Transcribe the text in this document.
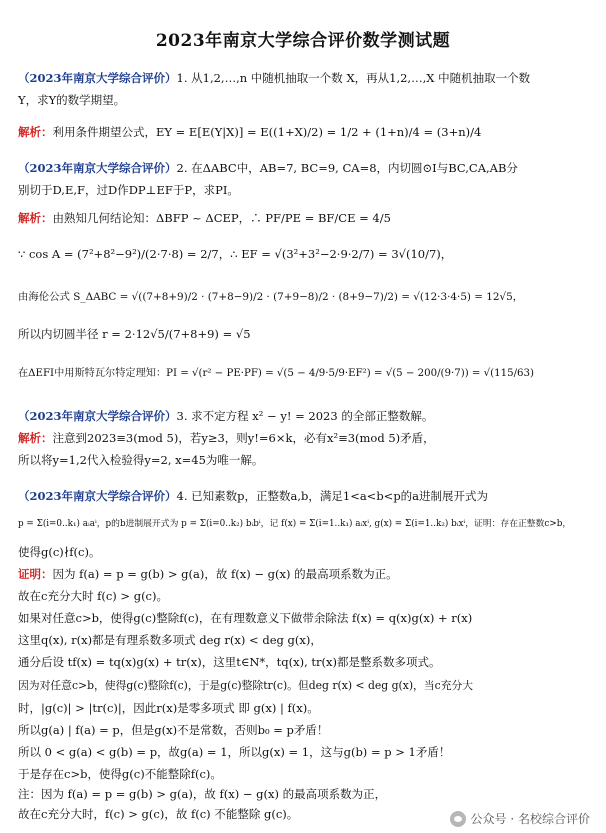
2023年南京大学综合评价数学测试题
（2023年南京大学综合评价）1. 从1,2,…,n 中随机抽取一个数 X，再从1,2,…,X 中随机抽取一个数
Y，求Y的数学期望。
解析：利用条件期望公式，EY = E[E(Y|X)] = E((1+X)/2) = 1/2 + (1+n)/4 = (3+n)/4
（2023年南京大学综合评价）2. 在ΔABC中，AB=7, BC=9, CA=8，内切圆⊙I与BC,CA,AB分
别切于D,E,F，过D作DP⊥EF于P，求PI。
解析：由熟知几何结论知：ΔBFP ~ ΔCEP，∴ PF/PE = BF/CE = 4/5
∵ cos A = (7²+8²−9²)/(2·7·8) = 2/7，∴ EF = √(3²+3²−2·9·2/7) = 3√(10/7)，
由海伦公式 S_ΔABC = √((7+8+9)/2 · (7+8−9)/2 · (7+9−8)/2 · (8+9−7)/2) = √(12·3·4·5) = 12√5，
所以内切圆半径 r = 2·12√5/(7+8+9) = √5
在ΔEFI中用斯特瓦尔特定理知：PI = √(r² − PE·PF) = √(5 − 4/9·5/9·EF²) = √(5 − 200/(9·7)) = √(115/63)
（2023年南京大学综合评价）3. 求不定方程 x² − y! = 2023 的全部正整数解。
解析：注意到2023≡3(mod 5)，若y≥3，则y!=6×k，必有x²≡3(mod 5)矛盾，
所以将y=1,2代入检验得y=2, x=45为唯一解。
（2023年南京大学综合评价）4. 已知素数p，正整数a,b，满足1<a<b<p的a进制展开式为
p = Σ(i=0..k₁) aᵢaⁱ，p的b进制展开式为 p = Σ(i=0..k₂) bᵢbⁱ，记 f(x) = Σ(i=1..k₁) aᵢxⁱ, g(x) = Σ(i=1..k₂) bᵢxⁱ，证明：存在正整数c>b，
使得g(c)∤f(c)。
证明：因为 f(a) = p = g(b) > g(a)，故 f(x) − g(x) 的最高项系数为正。
故在c充分大时 f(c) > g(c)。
如果对任意c>b，使得g(c)整除f(c)，在有理数意义下做带余除法 f(x) = q(x)g(x) + r(x)
这里q(x), r(x)都是有理系数多项式 deg r(x) < deg g(x)，
通分后设 tf(x) = tq(x)g(x) + tr(x)，这里t∈N*，tq(x), tr(x)都是整系数多项式。
因为对任意c>b，使得g(c)整除f(c)，于是g(c)整除tr(c)。但deg r(x) < deg g(x)，当c充分大
时，|g(c)| > |tr(c)|，因此r(x)是零多项式 即 g(x) | f(x)。
所以g(a) | f(a) = p，但是g(x)不是常数，否则b₀ = p矛盾！
所以 0 < g(a) < g(b) = p，故g(a) = 1，所以g(x) = 1，这与g(b) = p > 1矛盾！
于是存在c>b，使得g(c)不能整除f(c)。
注：因为 f(a) = p = g(b) > g(a)，故 f(x) − g(x) 的最高项系数为正，
故在c充分大时，f(c) > g(c)，故 f(c) 不能整除 g(c)。	公众号 · 名校综合评价
